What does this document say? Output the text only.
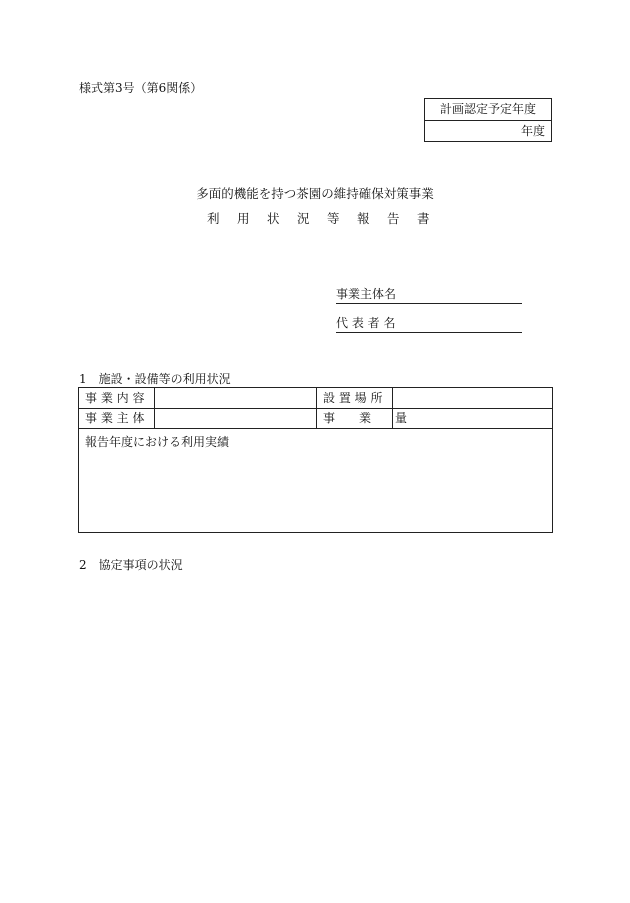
様式第3号（第6関係）
計画認定予定年度
年度
多面的機能を持つ茶園の維持確保対策事業
利 用 状 況 等 報 告 書
事業主体名
代 表 者 名
1　施設・設備等の利用状況
事 業 内 容	設 置 場 所
事 業 主 体	事　　業　　量
報告年度における利用実績
2　協定事項の状況
